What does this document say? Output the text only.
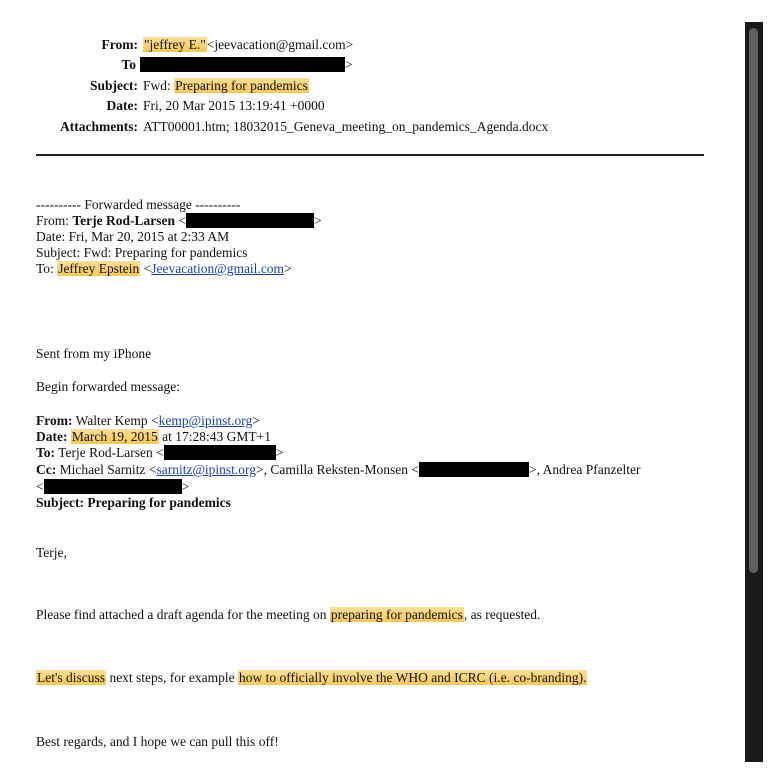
From: "jeffrey E."<jeevacation@gmail.com>
To	>
Subject: Fwd: Preparing for pandemics
Date: Fri, 20 Mar 2015 13:19:41 +0000
Attachments: ATT00001.htm; 18032015_Geneva_meeting_on_pandemics_Agenda.docx
---------- Forwarded message ----------
From: Terje Rod-Larsen <	>
Date: Fri, Mar 20, 2015 at 2:33 AM
Subject: Fwd: Preparing for pandemics
To: Jeffrey Epstein <Jeevacation@gmail.com>
Sent from my iPhone
Begin forwarded message:
From: Walter Kemp <kemp@ipinst.org>
Date: March 19, 2015 at 17:28:43 GMT+1
To: Terje Rod-Larsen <	>
Cc: Michael Sarnitz <sarnitz@ipinst.org>, Camilla Reksten-Monsen <	>, Andrea Pfanzelter
<	>
Subject: Preparing for pandemics
Terje,
Please find attached a draft agenda for the meeting on preparing for pandemics, as requested.
Let's discuss next steps, for example how to officially involve the WHO and ICRC (i.e. co-branding).
Best regards, and I hope we can pull this off!
